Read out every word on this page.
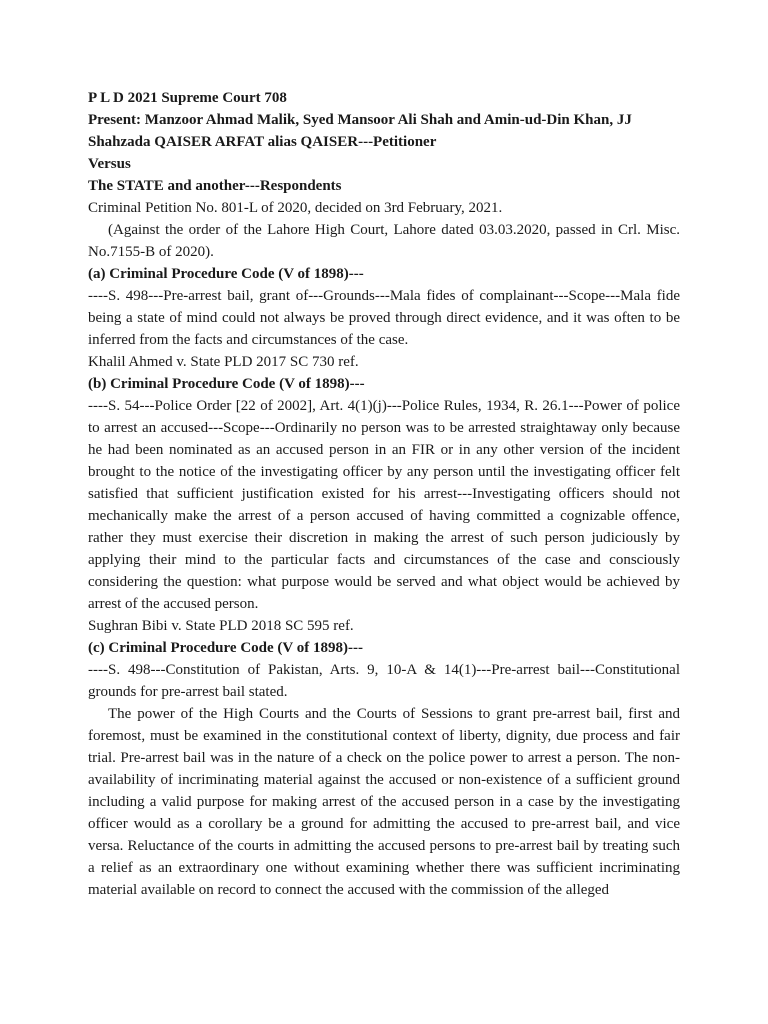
P L D 2021 Supreme Court 708

Present: Manzoor Ahmad Malik, Syed Mansoor Ali Shah and Amin-ud-Din Khan, JJ

Shahzada QAISER ARFAT alias QAISER---Petitioner

Versus

The STATE and another---Respondents

Criminal Petition No. 801-L of 2020, decided on 3rd February, 2021.

(Against the order of the Lahore High Court, Lahore dated 03.03.2020, passed in Crl. Misc. No.7155-B of 2020).

(a) Criminal Procedure Code (V of 1898)---

----S. 498---Pre-arrest bail, grant of---Grounds---Mala fides of complainant---Scope---Mala fide being a state of mind could not always be proved through direct evidence, and it was often to be inferred from the facts and circumstances of the case.

Khalil Ahmed v. State PLD 2017 SC 730 ref.

(b) Criminal Procedure Code (V of 1898)---

----S. 54---Police Order [22 of 2002], Art. 4(1)(j)---Police Rules, 1934, R. 26.1---Power of police to arrest an accused---Scope---Ordinarily no person was to be arrested straightaway only because he had been nominated as an accused person in an FIR or in any other version of the incident brought to the notice of the investigating officer by any person until the investigating officer felt satisfied that sufficient justification existed for his arrest---Investigating officers should not mechanically make the arrest of a person accused of having committed a cognizable offence, rather they must exercise their discretion in making the arrest of such person judiciously by applying their mind to the particular facts and circumstances of the case and consciously considering the question: what purpose would be served and what object would be achieved by arrest of the accused person.

Sughran Bibi v. State PLD 2018 SC 595 ref.

(c) Criminal Procedure Code (V of 1898)---

----S. 498---Constitution of Pakistan, Arts. 9, 10-A & 14(1)---Pre-arrest bail---Constitutional grounds for pre-arrest bail stated.

The power of the High Courts and the Courts of Sessions to grant pre-arrest bail, first and foremost, must be examined in the constitutional context of liberty, dignity, due process and fair trial. Pre-arrest bail was in the nature of a check on the police power to arrest a person. The non-availability of incriminating material against the accused or non-existence of a sufficient ground including a valid purpose for making arrest of the accused person in a case by the investigating officer would as a corollary be a ground for admitting the accused to pre-arrest bail, and vice versa. Reluctance of the courts in admitting the accused persons to pre-arrest bail by treating such a relief as an extraordinary one without examining whether there was sufficient incriminating material available on record to connect the accused with the commission of the alleged
